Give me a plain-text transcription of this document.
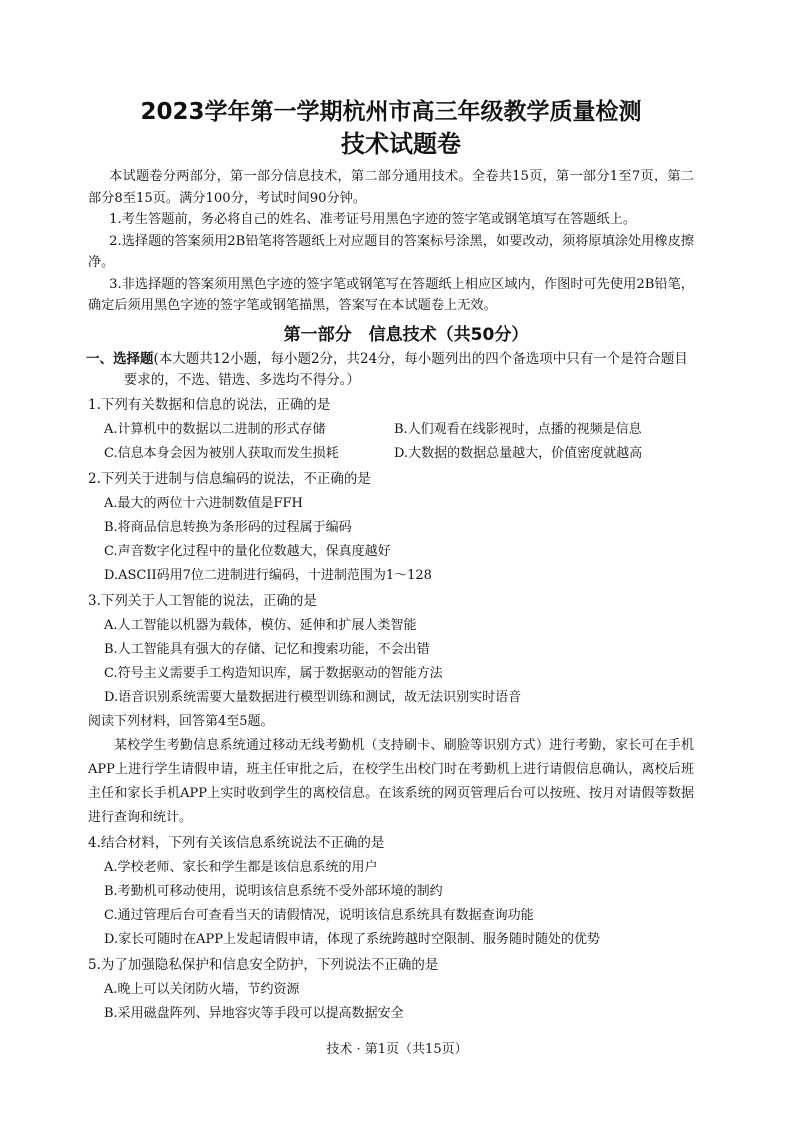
2023学年第一学期杭州市高三年级教学质量检测
技术试题卷

本试题卷分两部分，第一部分信息技术，第二部分通用技术。全卷共15页，第一部分1至7页，第二部分8至15页。满分100分，考试时间90分钟。

1.考生答题前，务必将自己的姓名、准考证号用黑色字迹的签字笔或钢笔填写在答题纸上。

2.选择题的答案须用2B铅笔将答题纸上对应题目的答案标号涂黑，如要改动，须将原填涂处用橡皮擦净。

3.非选择题的答案须用黑色字迹的签字笔或钢笔写在答题纸上相应区域内，作图时可先使用2B铅笔，确定后须用黑色字迹的签字笔或钢笔描黑，答案写在本试题卷上无效。

第一部分　信息技术（共50分）

一、选择题(本大题共12小题，每小题2分，共24分，每小题列出的四个备选项中只有一个是符合题目要求的，不选、错选、多选均不得分。）

1.下列有关数据和信息的说法，正确的是

A.计算机中的数据以二进制的形式存储	B.人们观看在线影视时，点播的视频是信息
C.信息本身会因为被别人获取而发生损耗	D.大数据的数据总量越大，价值密度就越高

2.下列关于进制与信息编码的说法，不正确的是

A.最大的两位十六进制数值是FFH

B.将商品信息转换为条形码的过程属于编码

C.声音数字化过程中的量化位数越大，保真度越好

D.ASCII码用7位二进制进行编码，十进制范围为1～128

3.下列关于人工智能的说法，正确的是

A.人工智能以机器为载体，模仿、延伸和扩展人类智能

B.人工智能具有强大的存储、记忆和搜索功能，不会出错

C.符号主义需要手工构造知识库，属于数据驱动的智能方法

D.语音识别系统需要大量数据进行模型训练和测试，故无法识别实时语音

阅读下列材料，回答第4至5题。

某校学生考勤信息系统通过移动无线考勤机（支持刷卡、刷脸等识别方式）进行考勤，家长可在手机APP上进行学生请假申请，班主任审批之后，在校学生出校门时在考勤机上进行请假信息确认，离校后班主任和家长手机APP上实时收到学生的离校信息。在该系统的网页管理后台可以按班、按月对请假等数据进行查询和统计。

4.结合材料，下列有关该信息系统说法不正确的是

A.学校老师、家长和学生都是该信息系统的用户

B.考勤机可移动使用，说明该信息系统不受外部环境的制约

C.通过管理后台可查看当天的请假情况，说明该信息系统具有数据查询功能

D.家长可随时在APP上发起请假申请，体现了系统跨越时空限制、服务随时随处的优势

5.为了加强隐私保护和信息安全防护，下列说法不正确的是

A.晚上可以关闭防火墙，节约资源

B.采用磁盘阵列、异地容灾等手段可以提高数据安全

技术 · 第1页（共15页）
